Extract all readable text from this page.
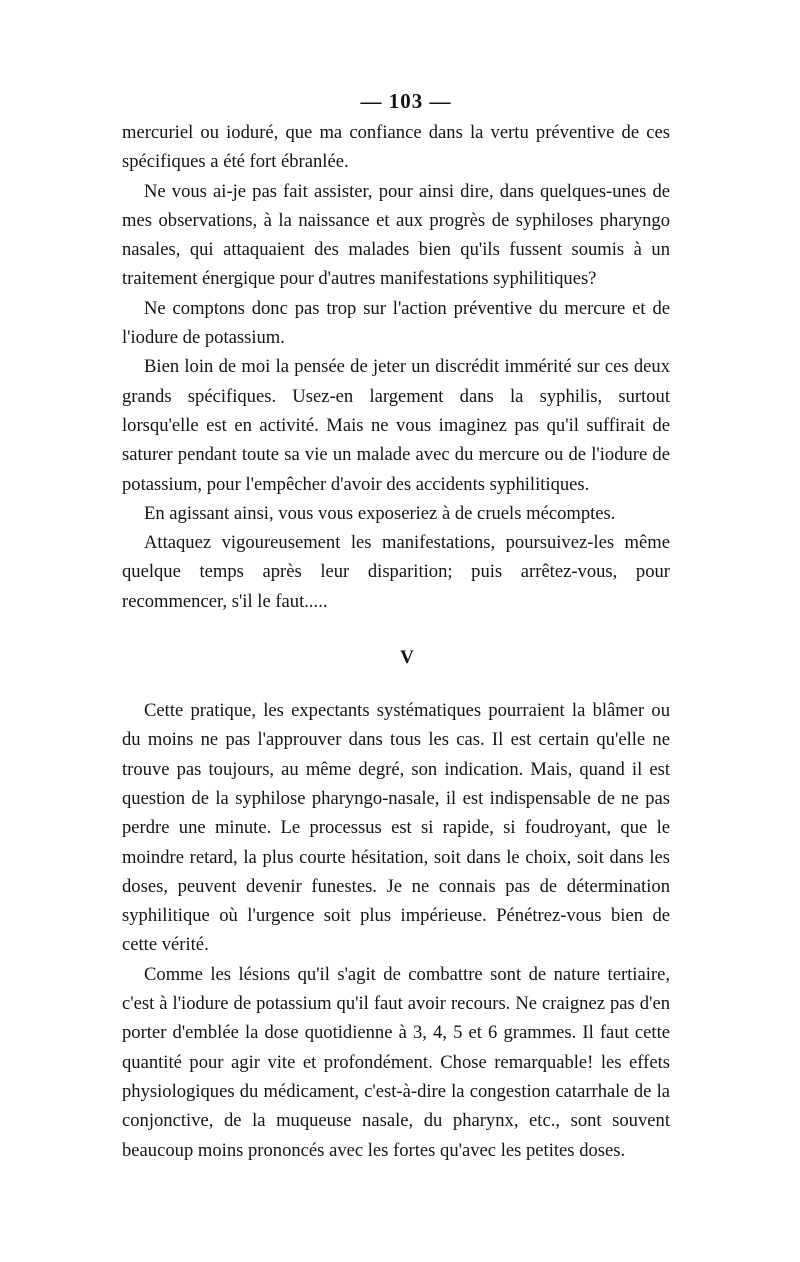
— 103 —

mercuriel ou ioduré, que ma confiance dans la vertu préventive de ces spécifiques a été fort ébranlée.

Ne vous ai-je pas fait assister, pour ainsi dire, dans quelques-unes de mes observations, à la naissance et aux progrès de syphiloses pharyngo nasales, qui attaquaient des malades bien qu'ils fussent soumis à un traitement énergique pour d'autres manifestations syphilitiques?

Ne comptons donc pas trop sur l'action préventive du mercure et de l'iodure de potassium.

Bien loin de moi la pensée de jeter un discrédit immérité sur ces deux grands spécifiques. Usez-en largement dans la syphilis, surtout lorsqu'elle est en activité. Mais ne vous imaginez pas qu'il suffirait de saturer pendant toute sa vie un malade avec du mercure ou de l'iodure de potassium, pour l'empêcher d'avoir des accidents syphilitiques.

En agissant ainsi, vous vous exposeriez à de cruels mécomptes.

Attaquez vigoureusement les manifestations, poursuivez-les même quelque temps après leur disparition; puis arrêtez-vous, pour recommencer, s'il le faut.....

V

Cette pratique, les expectants systématiques pourraient la blâmer ou du moins ne pas l'approuver dans tous les cas. Il est certain qu'elle ne trouve pas toujours, au même degré, son indication. Mais, quand il est question de la syphilose pharyngo-nasale, il est indispensable de ne pas perdre une minute. Le processus est si rapide, si foudroyant, que le moindre retard, la plus courte hésitation, soit dans le choix, soit dans les doses, peuvent devenir funestes. Je ne connais pas de détermination syphilitique où l'urgence soit plus impérieuse. Pénétrez-vous bien de cette vérité.

Comme les lésions qu'il s'agit de combattre sont de nature tertiaire, c'est à l'iodure de potassium qu'il faut avoir recours. Ne craignez pas d'en porter d'emblée la dose quotidienne à 3, 4, 5 et 6 grammes. Il faut cette quantité pour agir vite et profondément. Chose remarquable! les effets physiologiques du médicament, c'est-à-dire la congestion catarrhale de la conjonctive, de la muqueuse nasale, du pharynx, etc., sont souvent beaucoup moins prononcés avec les fortes qu'avec les petites doses.
